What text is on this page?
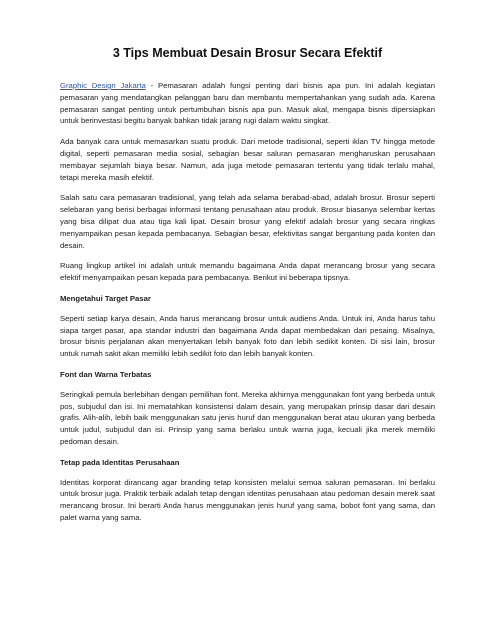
3 Tips Membuat Desain Brosur Secara Efektif

Graphic Design Jakarta - Pemasaran adalah fungsi penting dari bisnis apa pun. Ini adalah kegiatan pemasaran yang mendatangkan pelanggan baru dan membantu mempertahankan yang sudah ada. Karena pemasaran sangat penting untuk pertumbuhan bisnis apa pun. Masuk akal, mengapa bisnis dipersiapkan untuk berinvestasi begitu banyak bahkan tidak jarang rugi dalam waktu singkat.

Ada banyak cara untuk memasarkan suatu produk. Dari metode tradisional, seperti iklan TV hingga metode digital, seperti pemasaran media sosial, sebagian besar saluran pemasaran mengharuskan perusahaan membayar sejumlah biaya besar. Namun, ada juga metode pemasaran tertentu yang tidak terlalu mahal, tetapi mereka masih efektif.

Salah satu cara pemasaran tradisional, yang telah ada selama berabad-abad, adalah brosur. Brosur seperti selebaran yang berisi berbagai informasi tentang perusahaan atau produk. Brosur biasanya selembar kertas yang bisa dilipat dua atau tiga kali lipat. Desain brosur yang efektif adalah brosur yang secara ringkas menyampaikan pesan kepada pembacanya. Sebagian besar, efektivitas sangat bergantung pada konten dan desain.

Ruang lingkup artikel ini adalah untuk memandu bagaimana Anda dapat merancang brosur yang secara efektif menyampaikan pesan kepada para pembacanya. Berikut ini beberapa tipsnya.

Mengetahui Target Pasar

Seperti setiap karya desain, Anda harus merancang brosur untuk audiens Anda. Untuk ini, Anda harus tahu siapa target pasar, apa standar industri dan bagaimana Anda dapat membedakan dari pesaing. Misalnya, brosur bisnis perjalanan akan menyertakan lebih banyak foto dan lebih sedikit konten. Di sisi lain, brosur untuk rumah sakit akan memiliki lebih sedikit foto dan lebih banyak konten.

Font dan Warna Terbatas

Seringkali pemula berlebihan dengan pemilihan font. Mereka akhirnya menggunakan font yang berbeda untuk pos, subjudul dan isi. Ini mematahkan konsistensi dalam desain, yang merupakan prinsip dasar dari desain grafis. Alih-alih, lebih baik menggunakan satu jenis huruf dan menggunakan berat atau ukuran yang berbeda untuk judul, subjudul dan isi. Prinsip yang sama berlaku untuk warna juga, kecuali jika merek memiliki pedoman desain.

Tetap pada Identitas Perusahaan

Identitas korporat dirancang agar branding tetap konsisten melalui semua saluran pemasaran. Ini berlaku untuk brosur juga. Praktik terbaik adalah tetap dengan identitas perusahaan atau pedoman desain merek saat merancang brosur. Ini berarti Anda harus menggunakan jenis huruf yang sama, bobot font yang sama, dan palet warna yang sama.
